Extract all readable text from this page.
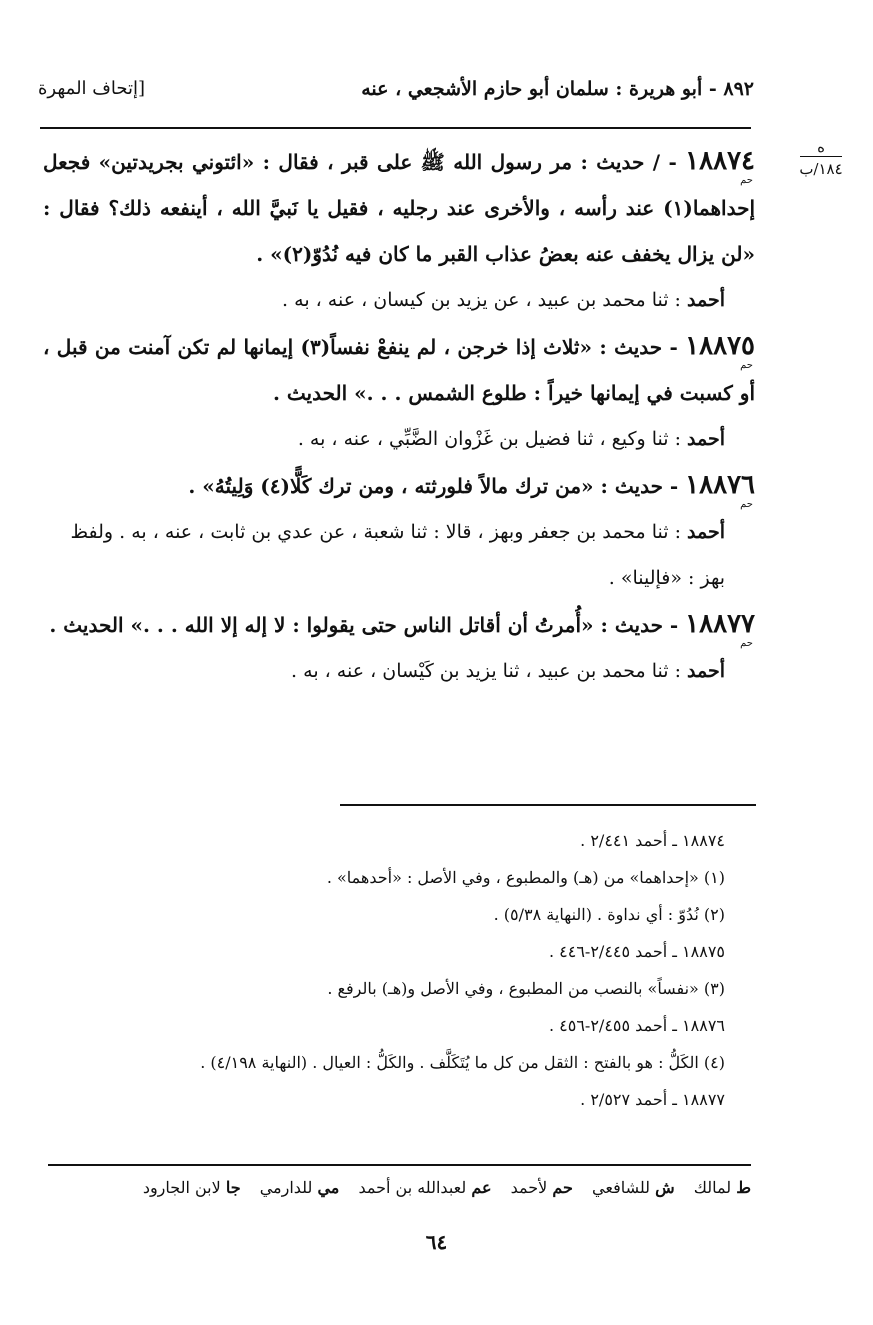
٨٩٢ - أبو هريرة : سلمان أبو حازم الأشجعي ، عنه
[إتحاف المهرة
ه
١٨٤/ب

١٨٨٧٤
حم
- / حديث : مر رسول الله ﷺ على قبر ، فقال : «ائتوني بجريدتين» فجعل إحداهما(١) عند رأسه ، والأخرى عند رجليه ، فقيل يا نَبيَّ الله ، أينفعه ذلك؟ فقال : «لن يزال يخفف عنه بعضُ عذاب القبر ما كان فيه نُدُوّ(٢)» .

أحمد : ثنا محمد بن عبيد ، عن يزيد بن كيسان ، عنه ، به .

١٨٨٧٥
حم
- حديث : «ثلاث إذا خرجن ، لم ينفعْ نفساً(٣) إيمانها لم تكن آمنت من قبل ، أو كسبت في إيمانها خيراً : طلوع الشمس . . .» الحديث .

أحمد : ثنا وكيع ، ثنا فضيل بن غَزْوان الضَّبِّي ، عنه ، به .

١٨٨٧٦
حم
- حديث : «من ترك مالاً فلورثته ، ومن ترك كَلًّا(٤) وَلِيتُهُ» .

أحمد : ثنا محمد بن جعفر وبهز ، قالا : ثنا شعبة ، عن عدي بن ثابت ، عنه ، به . ولفظ بهز : «فإلينا» .

١٨٨٧٧
حم
- حديث : «أُمرتُ أن أقاتل الناس حتى يقولوا : لا إله إلا الله . . .» الحديث .

أحمد : ثنا محمد بن عبيد ، ثنا يزيد بن كَيْسان ، عنه ، به .

١٨٨٧٤ ـ أحمد ٢/٤٤١ .

(١) «إحداهما» من (هـ) والمطبوع ، وفي الأصل : «أحدهما» .

(٢) نُدُوّ : أي نداوة . (النهاية ٥/٣٨) .

١٨٨٧٥ ـ أحمد ٢/٤٤٥-٤٤٦ .

(٣) «نفساً» بالنصب من المطبوع ، وفي الأصل و(هـ) بالرفع .

١٨٨٧٦ ـ أحمد ٢/٤٥٥-٤٥٦ .

(٤) الكَلُّ : هو بالفتح : الثقل من كل ما يُتَكَلَّف . والكَلُّ : العيال . (النهاية ٤/١٩٨) .

١٨٨٧٧ ـ أحمد ٢/٥٢٧ .

ط لمالك ش للشافعي حم لأحمد عم لعبدالله بن أحمد مي للدارمي جا لابن الجارود
٦٤
